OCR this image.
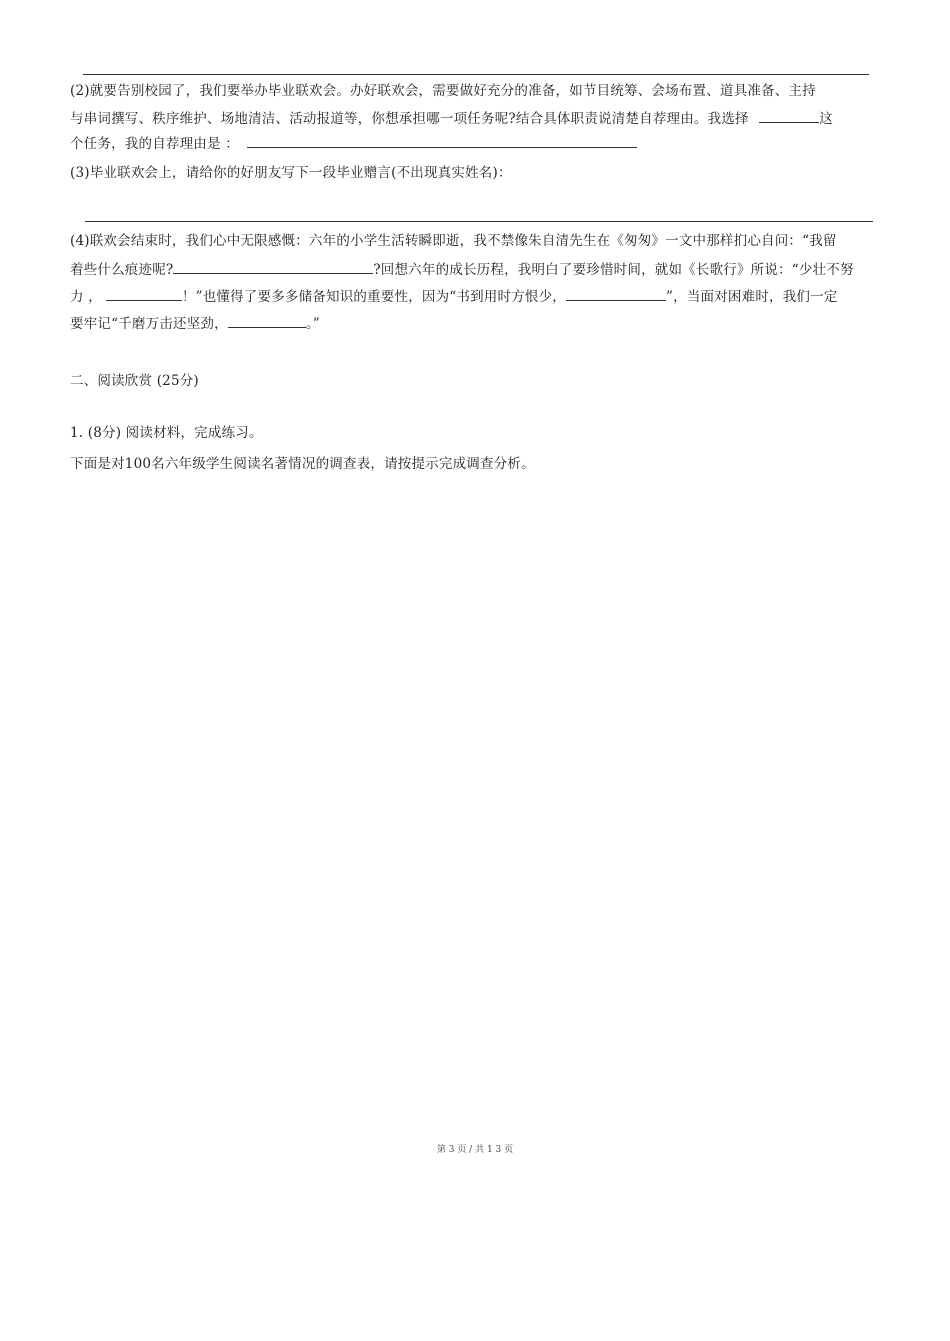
(2)就要告别校园了，我们要举办毕业联欢会。办好联欢会，需要做好充分的准备，如节目统筹、会场布置、道具准备、主持
与串词撰写、秩序维护、场地清洁、活动报道等，你想承担哪一项任务呢?结合具体职责说清楚自荐理由。我选择	这
个任务，我的自荐理由是 ：
(3)毕业联欢会上，请给你的好朋友写下一段毕业赠言(不出现真实姓名)：
(4)联欢会结束时，我们心中无限感慨：六年的小学生活转瞬即逝，我不禁像朱自清先生在《匆匆》一文中那样扪心自问：“我留
着些什么痕迹呢?	?回想六年的成长历程，我明白了要珍惜时间，就如《长歌行》所说：“少壮不努
力 ，	！”也懂得了要多多储备知识的重要性，因为“书到用时方恨少，	”，当面对困难时，我们一定
要牢记“千磨万击还坚劲，	。”
二、阅读欣赏 (25分)
1. (8分) 阅读材料，完成练习。
下面是对100名六年级学生阅读名著情况的调查表，请按提示完成调查分析。
第 3 页 / 共 1 3 页
